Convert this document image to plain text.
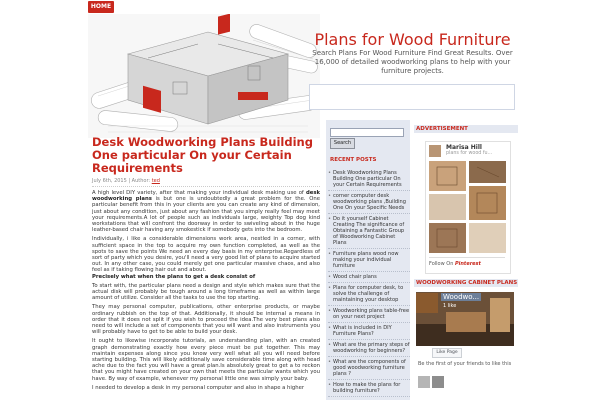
HOME
Plans for Wood Furniture
Search Plans For Wood Furniture Find Great Results. Over 16,000 of detailed woodworking plans to help with your furniture projects.
Desk Woodworking Plans Building One particular On your Certain Requirements
July 6th, 2015 | Author: ted

A high level DIY variety, after that making your individual desk making use of desk woodworking plans is but one is undoubtedly a great problem for the. One particular benefit from this in your clients are you can create any kind of dimension, just about any condition, just about any fashion that you simply really feel may meet your requirements.A lot of people such as individuals large, weighty Top dog kind workstations that will confront the doorway in order to swiveling about in the huge leather-based chair having any smokestick if somebody gets into the bedroom.

Individually, i like a considerable dimensions work area, nestled in a corner, with sufficient space in the top to acquire my own function completed, as well as the spots to save the points We need an every day basis in my enterprise.Regardless of sort of party which you desire, you'll need a very good list of plans to acquire started out. In any other case, you could merely get one particular massive chaos, and also feel as if taking flowing hair out and about.
Precisely what when the plans to get a desk consist of

To start with, the particular plans need a design and style which makes sure that the actual disk will probably be tough around a long timeframe as well as within large amount of utilize. Consider all the tasks to use the top starting.

They may personal computer, publications, other enterprise products, or maybe ordinary rubbish on the top of that. Additionally, it should be internal a means in order that it does not split if you wish to proceed the idea.The very best plans also need to will include a set of components that you will want and also instruments you will probably have to get to be able to build your desk.

It ought to likewise incorporate tutorials, an understanding plan, with an created graph demonstrating exactly how every piece must be put together. This may maintain expenses along since you know very well what all you will need before starting building. This will likely additionally save considerable time along with head ache due to the fact you will have a great plan.Is absolutely great to get a to reckon that you might have created on your own that meets the particular wants which you have. By way of example, whenever my personal little one was simply your baby.

I needed to develop a desk in my personal computer and also in shape a higher

Search
RECENT POSTS
• Desk Woodworking Plans Building One particular On your Certain Requirements
• corner computer desk woodworking plans ,Building One On your Specific Needs
• Do it yourself Cabinet Creating The significance of Obtaining a Fantastic Group of Woodworking Cabinet Plans
• Furniture plans wood now making your individual furniture
• Wood chair plans
• Plans for computer desk, to solve the challenge of maintaining your desktop
• Woodworking plans table-free on your next project
• What is included in DIY Furniture Plans?
• What are the primary steps of woodworking for beginners?
• What are the components of good woodworking furniture plans ?
• How to make the plans for building furniture?
ADVERTISEMENT
Marisa Hill
plans for wood fu...
Follow On Pinterest
WOODWORKING CABINET PLANS
Woodwo...
1 like
Like Page
Be the first of your friends to like this
